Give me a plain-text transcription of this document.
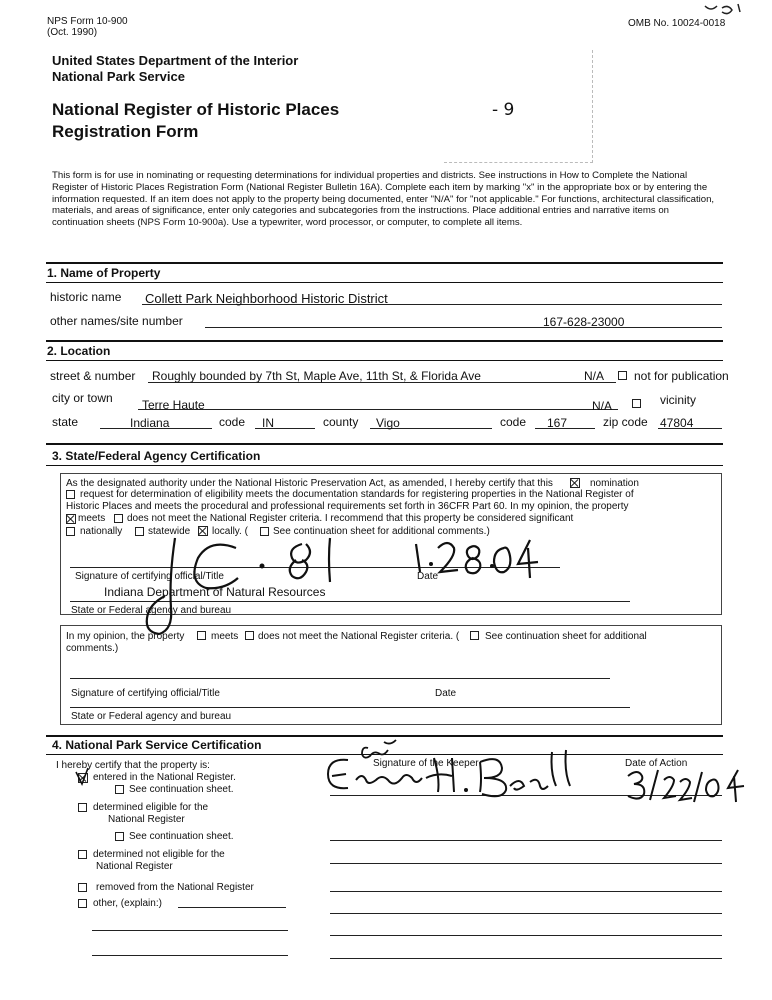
NPS Form 10-900
(Oct. 1990)
OMB No. 10024-0018
United States Department of the Interior
National Park Service
National Register of Historic Places
Registration Form
- 9
This form is for use in nominating or requesting determinations for individual properties and districts. See instructions in How to Complete the National Register of Historic Places Registration Form (National Register Bulletin 16A). Complete each item by marking "x" in the appropriate box or by entering the information requested. If an item does not apply to the property being documented, enter "N/A" for "not applicable." For functions, architectural classification, materials, and areas of significance, enter only categories and subcategories from the instructions. Place additional entries and narrative items on continuation sheets (NPS Form 10-900a). Use a typewriter, word processor, or computer, to complete all items.
1. Name of Property
historic name Collett Park Neighborhood Historic District
other names/site number	167-628-23000
2. Location
street & number Roughly bounded by 7th St, Maple Ave, 11th St, & Florida Ave	N/A not for publication
city or town Terre Haute	N/A	vicinity
state	Indiana	code IN	county Vigo	code 167	zip code 47804
3. State/Federal Agency Certification
As the designated authority under the National Historic Preservation Act, as amended, I hereby certify that this	nomination
request for determination of eligibility meets the documentation standards for registering properties in the National Register of
Historic Places and meets the procedural and professional requirements set forth in 36CFR Part 60. In my opinion, the property
meets does not meet the National Register criteria. I recommend that this property be considered significant
nationally	statewide locally. (	See continuation sheet for additional comments.)
Signature of certifying official/Title	Date
Indiana Department of Natural Resources
State or Federal agency and bureau
In my opinion, the property	meets does not meet the National Register criteria. (	See continuation sheet for additional
comments.)
Signature of certifying official/Title	Date
State or Federal agency and bureau
4. National Park Service Certification
I hereby certify that the property is:	Signature of the Keeper	Date of Action
entered in the National Register.
See continuation sheet.
determined eligible for the
National Register
See continuation sheet.
determined not eligible for the
National Register
removed from the National Register
other, (explain:)
